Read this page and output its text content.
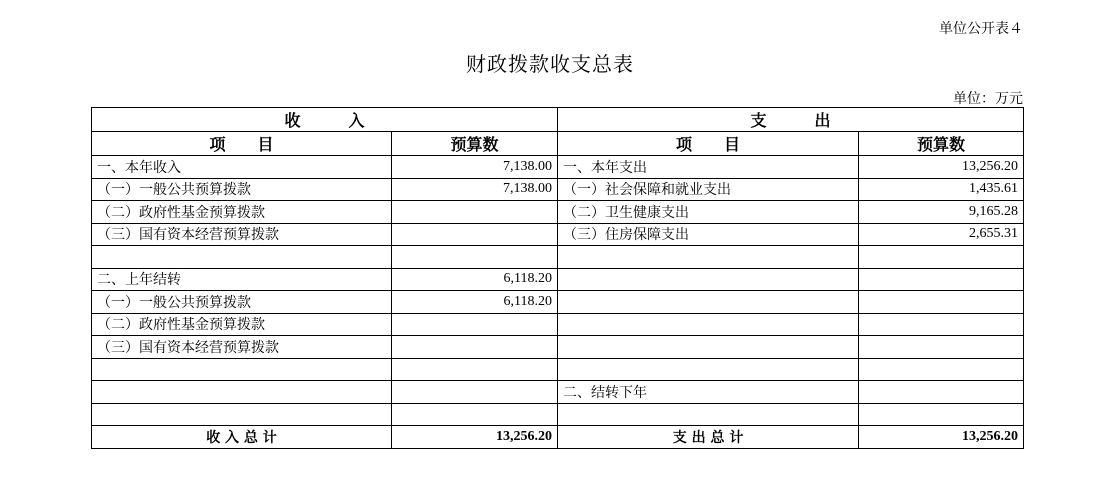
单位公开表４
财政拨款收支总表
单位：万元
收　　　入		支　　　出	
项　　目	预算数	项　　目	预算数
一、本年收入	7,138.00	一、本年支出	13,256.20
（一）一般公共预算拨款	7,138.00	（一）社会保障和就业支出	1,435.61
（二）政府性基金预算拨款		（二）卫生健康支出	9,165.28
（三）国有资本经营预算拨款		（三）住房保障支出	2,655.31

二、上年结转	6,118.20		
（一）一般公共预算拨款	6,118.20		
（二）政府性基金预算拨款			
（三）国有资本经营预算拨款			

		二、结转下年	

收 入 总 计	13,256.20	支 出 总 计	13,256.20
